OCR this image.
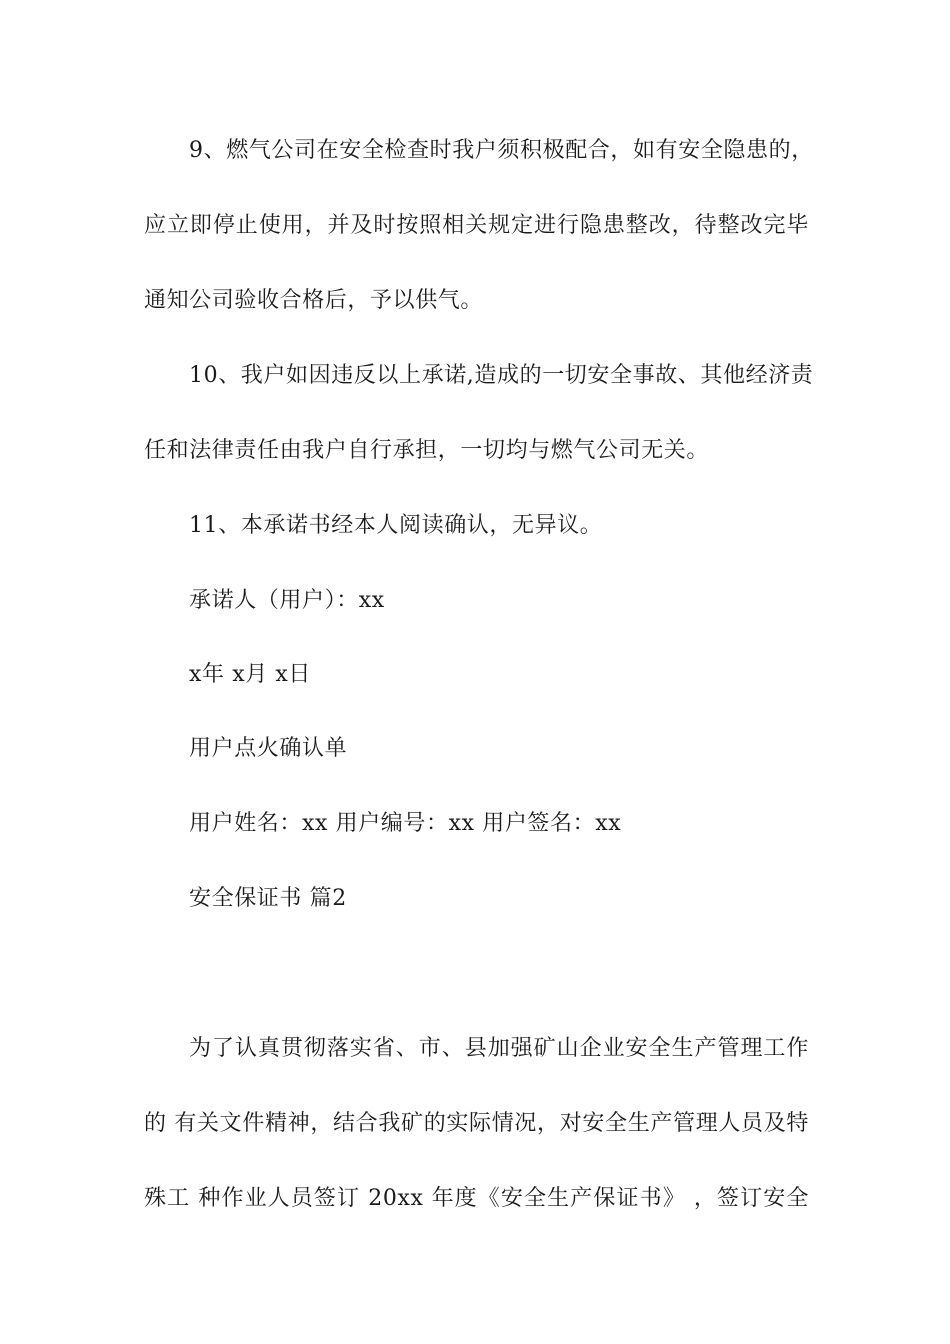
9、燃气公司在安全检查时我户须积极配合，如有安全隐患的，
应立即停止使用，并及时按照相关规定进行隐患整改，待整改完毕
通知公司验收合格后，予以供气。
10、我户如因违反以上承诺,造成的一切安全事故、其他经济责
任和法律责任由我户自行承担，一切均与燃气公司无关。
11、本承诺书经本人阅读确认，无异议。
承诺人（用户）：xx
x年 x月 x日
用户点火确认单
用户姓名：xx 用户编号：xx 用户签名：xx
安全保证书 篇2
为了认真贯彻落实省、市、县加强矿山企业安全生产管理工作
的 有关文件精神，结合我矿的实际情况，对安全生产管理人员及特
殊工 种作业人员签订 20xx 年度《安全生产保证书》 ，签订安全
